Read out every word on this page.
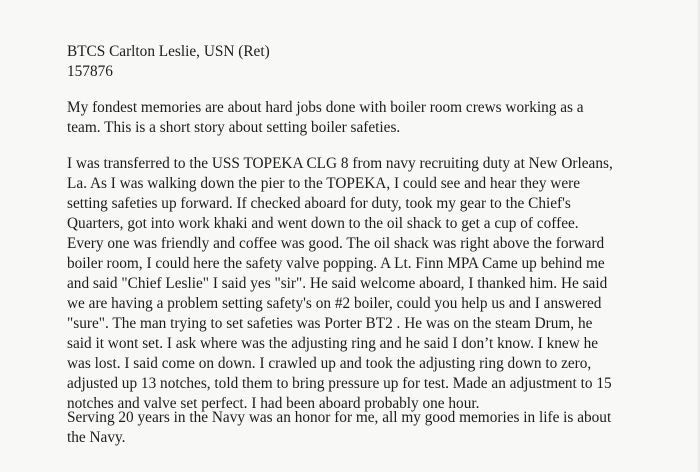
BTCS Carlton Leslie, USN (Ret)
157876
My fondest memories are about hard jobs done with boiler room crews working as a
team. This is a short story about setting boiler safeties.
I was transferred to the USS TOPEKA CLG 8 from navy recruiting duty at New Orleans,
La. As I was walking down the pier to the TOPEKA, I could see and hear they were
setting safeties up forward. If checked aboard for duty, took my gear to the Chief's
Quarters, got into work khaki and went down to the oil shack to get a cup of coffee.
Every one was friendly and coffee was good. The oil shack was right above the forward
boiler room, I could here the safety valve popping. A Lt. Finn MPA Came up behind me
and said "Chief Leslie" I said yes "sir". He said welcome aboard, I thanked him. He said
we are having a problem setting safety's on #2 boiler, could you help us and I answered
"sure". The man trying to set safeties was Porter BT2 . He was on the steam Drum, he
said it wont set. I ask where was the adjusting ring and he said I don’t know. I knew he
was lost. I said come on down. I crawled up and took the adjusting ring down to zero,
adjusted up 13 notches, told them to bring pressure up for test. Made an adjustment to 15
notches and valve set perfect. I had been aboard probably one hour.
Serving 20 years in the Navy was an honor for me, all my good memories in life is about
the Navy.
